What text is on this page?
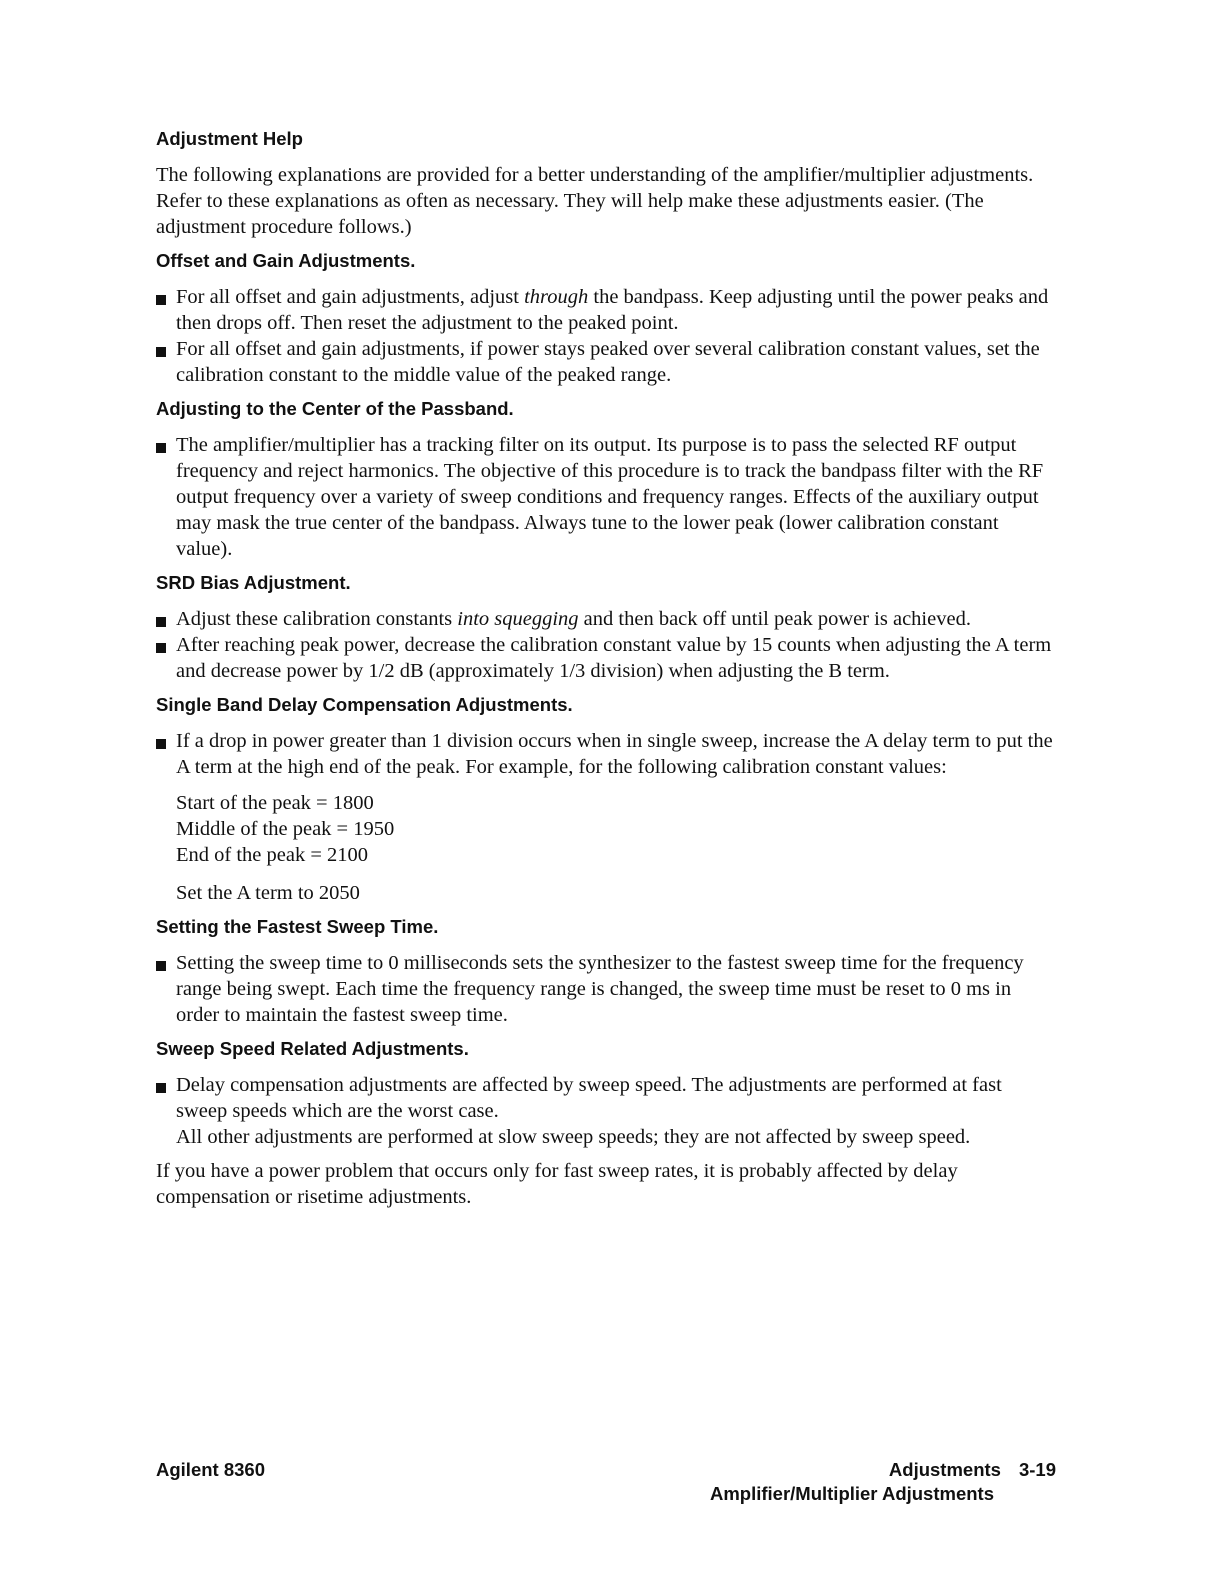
Adjustment Help

The following explanations are provided for a better understanding of the amplifier/multiplier adjustments. Refer to these explanations as often as necessary. They will help make these adjustments easier. (The adjustment procedure follows.)

Offset and Gain Adjustments.
For all offset and gain adjustments, adjust through the bandpass. Keep adjusting until the power peaks and then drops off. Then reset the adjustment to the peaked point.
For all offset and gain adjustments, if power stays peaked over several calibration constant values, set the calibration constant to the middle value of the peaked range.
Adjusting to the Center of the Passband.
The amplifier/multiplier has a tracking filter on its output. Its purpose is to pass the selected RF output frequency and reject harmonics. The objective of this procedure is to track the bandpass filter with the RF output frequency over a variety of sweep conditions and frequency ranges. Effects of the auxiliary output may mask the true center of the bandpass. Always tune to the lower peak (lower calibration constant value).
SRD Bias Adjustment.
Adjust these calibration constants into squegging and then back off until peak power is achieved.
After reaching peak power, decrease the calibration constant value by 15 counts when adjusting the A term and decrease power by 1/2 dB (approximately 1/3 division) when adjusting the B term.
Single Band Delay Compensation Adjustments.
If a drop in power greater than 1 division occurs when in single sweep, increase the A delay term to put the A term at the high end of the peak. For example, for the following calibration constant values:
Start of the peak = 1800
Middle of the peak = 1950
End of the peak = 2100

Set the A term to 2050

Setting the Fastest Sweep Time.
Setting the sweep time to 0 milliseconds sets the synthesizer to the fastest sweep time for the frequency range being swept. Each time the frequency range is changed, the sweep time must be reset to 0 ms in order to maintain the fastest sweep time.
Sweep Speed Related Adjustments.
Delay compensation adjustments are affected by sweep speed. The adjustments are performed at fast sweep speeds which are the worst case.

All other adjustments are performed at slow sweep speeds; they are not affected by sweep speed.

If you have a power problem that occurs only for fast sweep rates, it is probably affected by delay compensation or risetime adjustments.

Agilent 8360	Adjustments 3-19
Amplifier/Multiplier Adjustments
